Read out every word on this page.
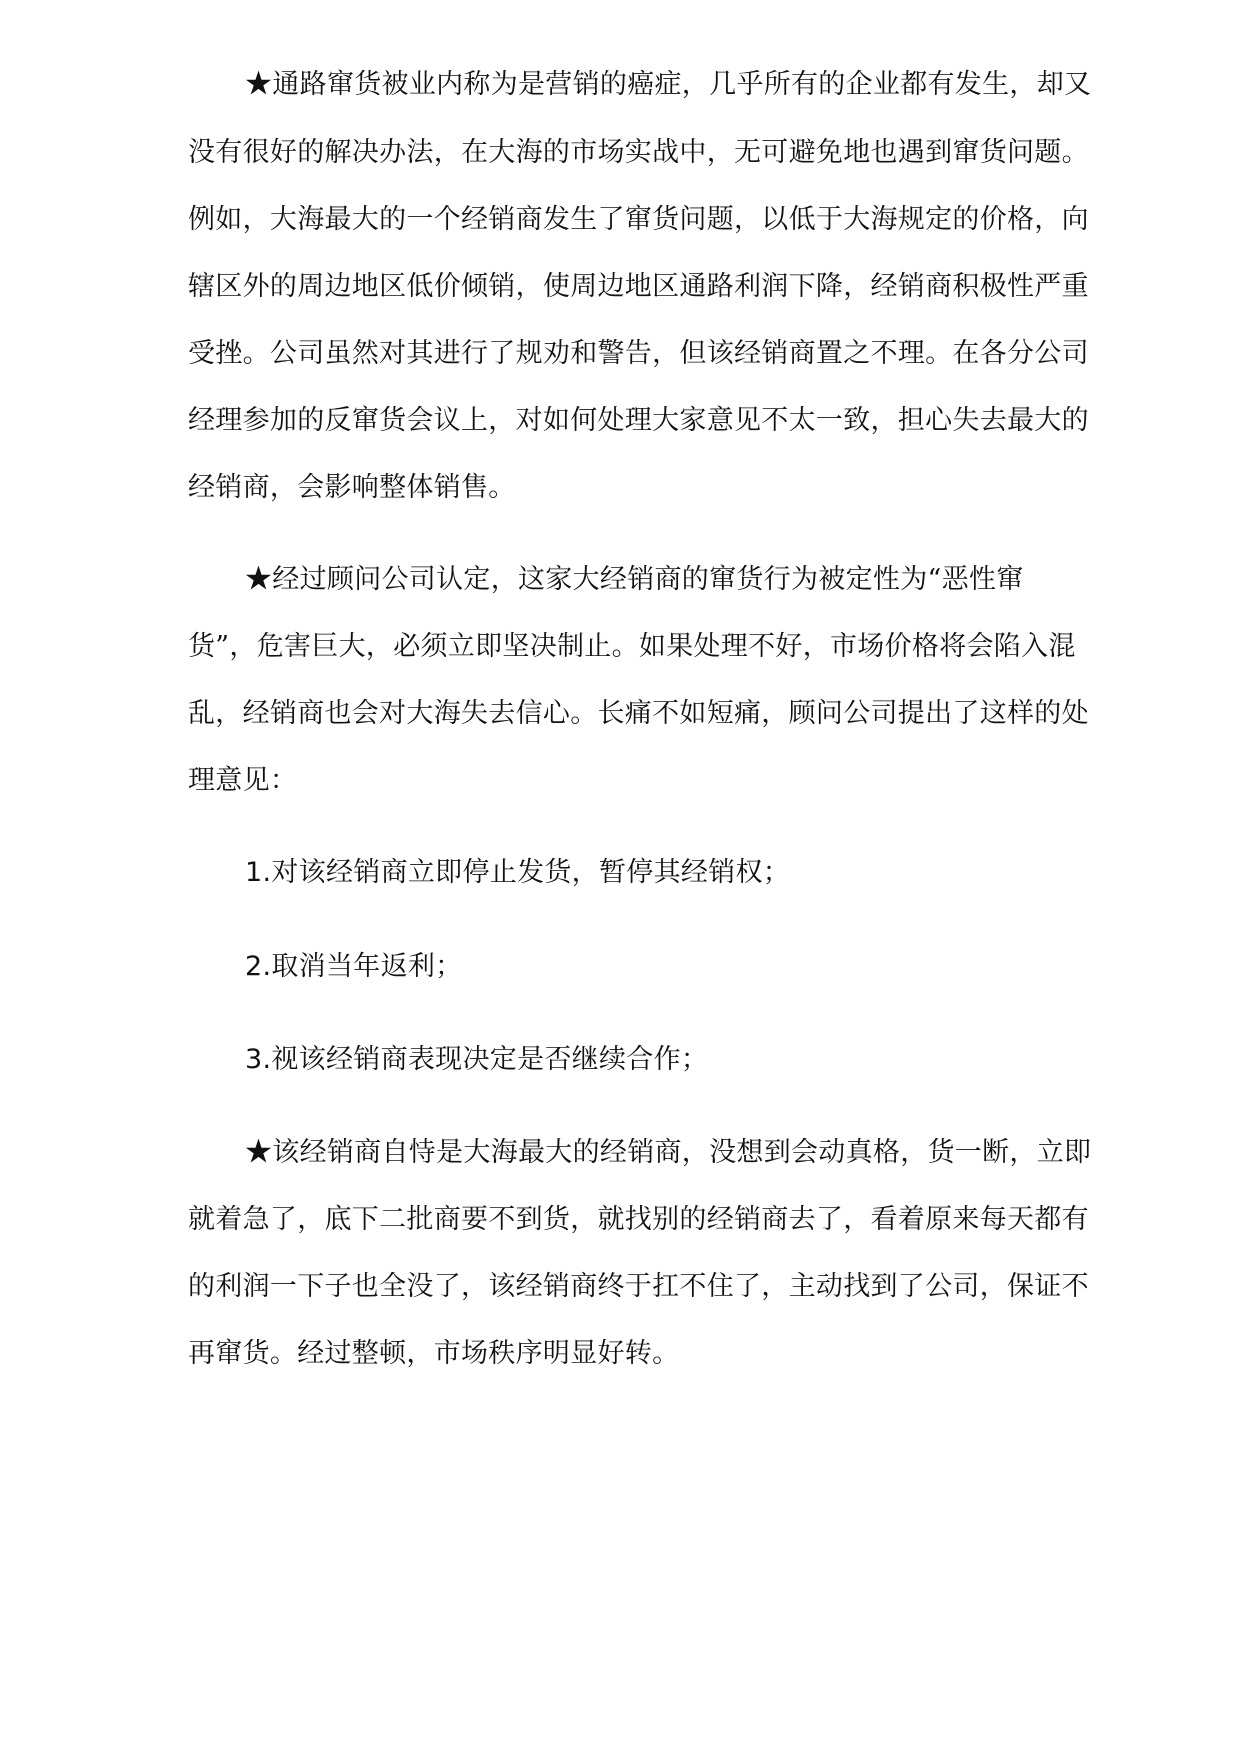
★通路窜货被业内称为是营销的癌症，几乎所有的企业都有发生，却又
没有很好的解决办法，在大海的市场实战中，无可避免地也遇到窜货问题。
例如，大海最大的一个经销商发生了窜货问题，以低于大海规定的价格，向
辖区外的周边地区低价倾销，使周边地区通路利润下降，经销商积极性严重
受挫。公司虽然对其进行了规劝和警告，但该经销商置之不理。在各分公司
经理参加的反窜货会议上，对如何处理大家意见不太一致，担心失去最大的
经销商，会影响整体销售。
★经过顾问公司认定，这家大经销商的窜货行为被定性为“恶性窜
货”，危害巨大，必须立即坚决制止。如果处理不好，市场价格将会陷入混
乱，经销商也会对大海失去信心。长痛不如短痛，顾问公司提出了这样的处
理意见：
1.对该经销商立即停止发货，暂停其经销权；
2.取消当年返利；
3.视该经销商表现决定是否继续合作；
★该经销商自恃是大海最大的经销商，没想到会动真格，货一断，立即
就着急了，底下二批商要不到货，就找别的经销商去了，看着原来每天都有
的利润一下子也全没了，该经销商终于扛不住了，主动找到了公司，保证不
再窜货。经过整顿，市场秩序明显好转。
